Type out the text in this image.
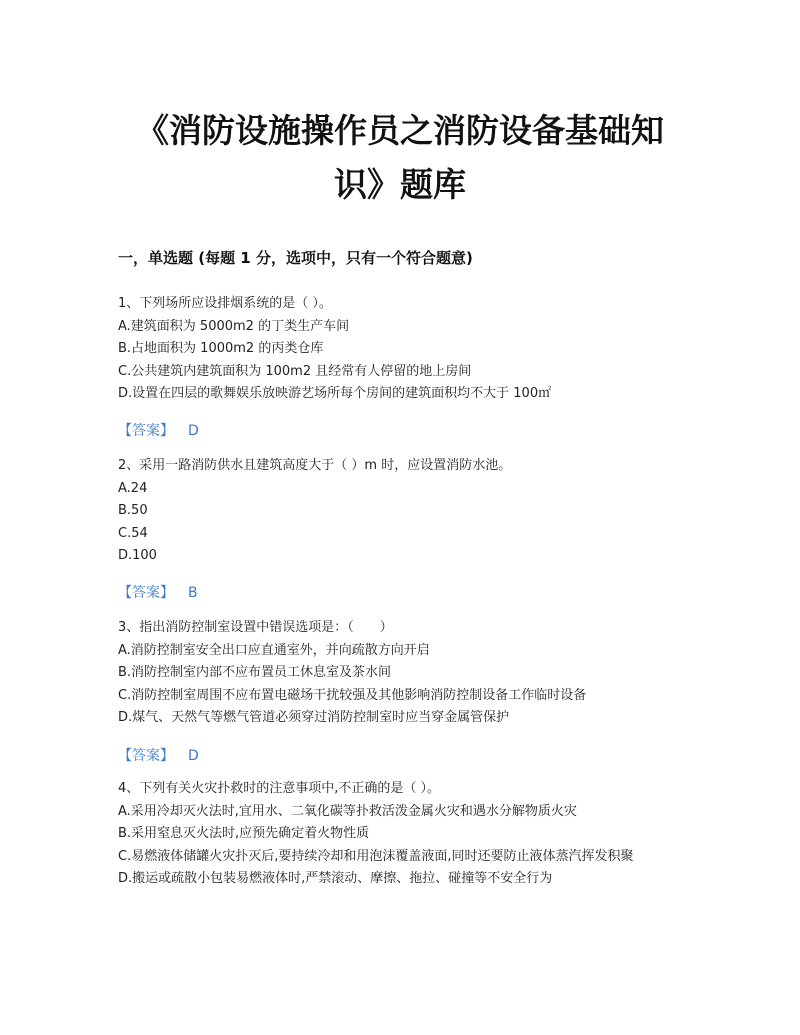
《消防设施操作员之消防设备基础知
识》题库
一，单选题 (每题 1 分，选项中，只有一个符合题意)
1、下列场所应设排烟系统的是（ ）。
A.建筑面积为 5000m2 的丁类生产车间
B.占地面积为 1000m2 的丙类仓库
C.公共建筑内建筑面积为 100m2 且经常有人停留的地上房间
D.设置在四层的歌舞娱乐放映游艺场所每个房间的建筑面积均不大于 100㎡
【答案】 D
2、采用一路消防供水且建筑高度大于（ ）m 时，应设置消防水池。
A.24
B.50
C.54
D.100
【答案】 B
3、指出消防控制室设置中错误选项是：（　　）
A.消防控制室安全出口应直通室外，并向疏散方向开启
B.消防控制室内部不应布置员工休息室及茶水间
C.消防控制室周围不应布置电磁场干扰较强及其他影响消防控制设备工作临时设备
D.煤气、天然气等燃气管道必须穿过消防控制室时应当穿金属管保护
【答案】 D
4、下列有关火灾扑救时的注意事项中,不正确的是（ ）。
A.采用冷却灭火法时,宜用水、二氧化碳等扑救活泼金属火灾和遇水分解物质火灾
B.采用窒息灭火法时,应预先确定着火物性质
C.易燃液体储罐火灾扑灭后,要持续冷却和用泡沫覆盖液面,同时还要防止液体蒸汽挥发积聚
D.搬运或疏散小包装易燃液体时,严禁滚动、摩擦、拖拉、碰撞等不安全行为
